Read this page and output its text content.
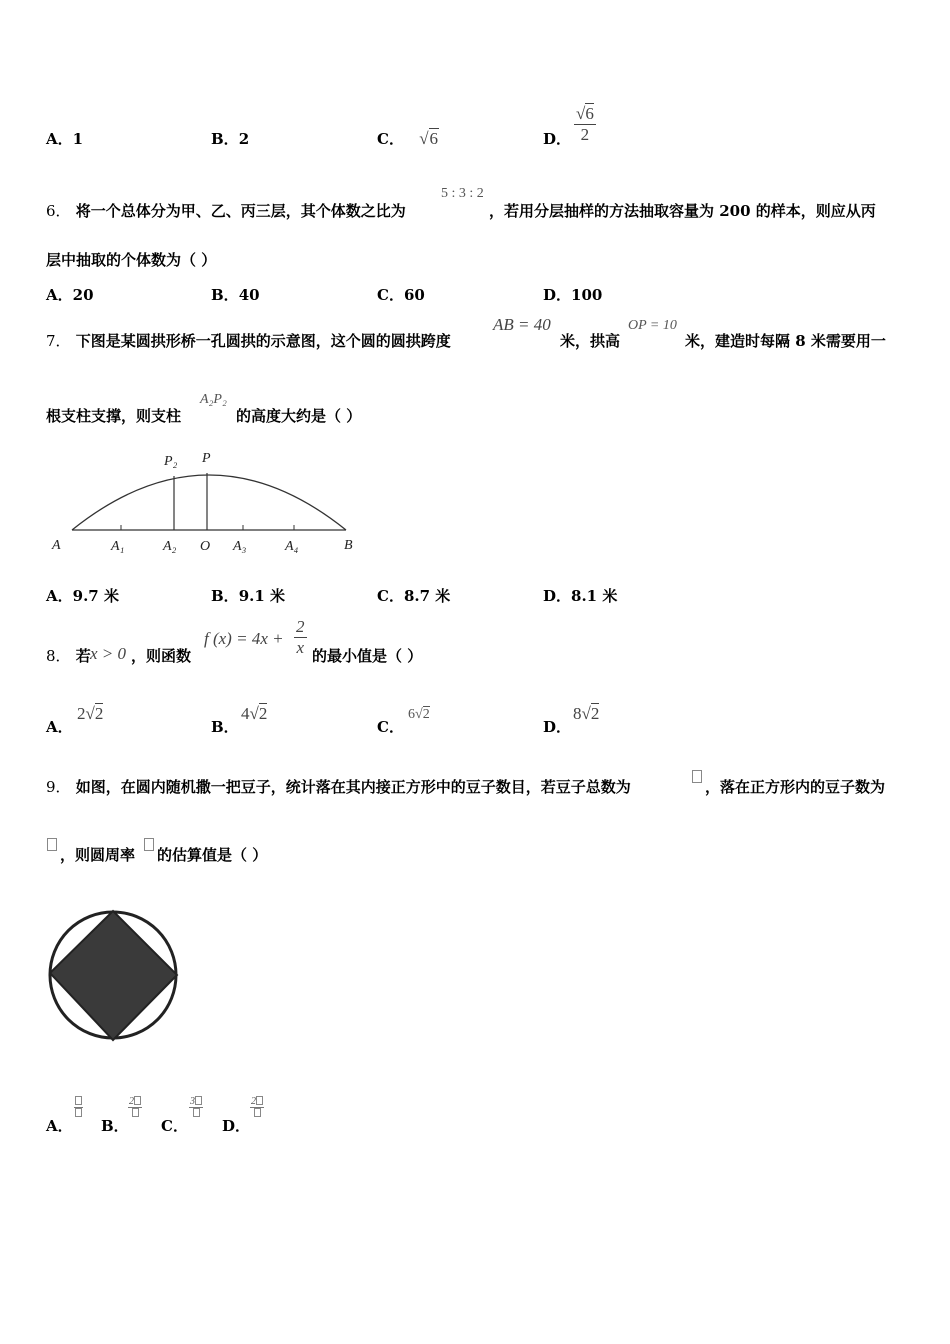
A．1	B．2	C． √6	D． $\frac{√6}{2}$
6． 将一个总体分为甲、乙、丙三层，其个体数之比为
5 : 3 : 2
，若用分层抽样的方法抽取容量为 200 的样本，则应从丙
层中抽取的个体数为（ ）
A．20	B．40	C．60	D．100
7． 下图是某圆拱形桥一孔圆拱的示意图，这个圆的圆拱跨度
AB = 40
米，拱高
OP = 10
米，建造时每隔 8 米需要用一
根支柱支撑，则支柱
A₂P₂
的高度大约是（ ）
A	A₁	A₂ O A₃	A₄	B
P
P₂
A．9.7 米	B．9.1 米	C．8.7 米	D．8.1 米
8． 若 x > 0 ，则函数
f $(x) = 4x + \frac{2}{x}$ 的最小值是（ ）
A．
2√2
B．
4√2
C．
6√2
D．
8√2
9． 如图，在圆内随机撒一把豆子，统计落在其内接正方形中的豆子数目，若豆子总数为	，落在正方形内的豆子数为
，则圆周率 的估算值是（ ）
A． B．
2
C．
3
D．
2
